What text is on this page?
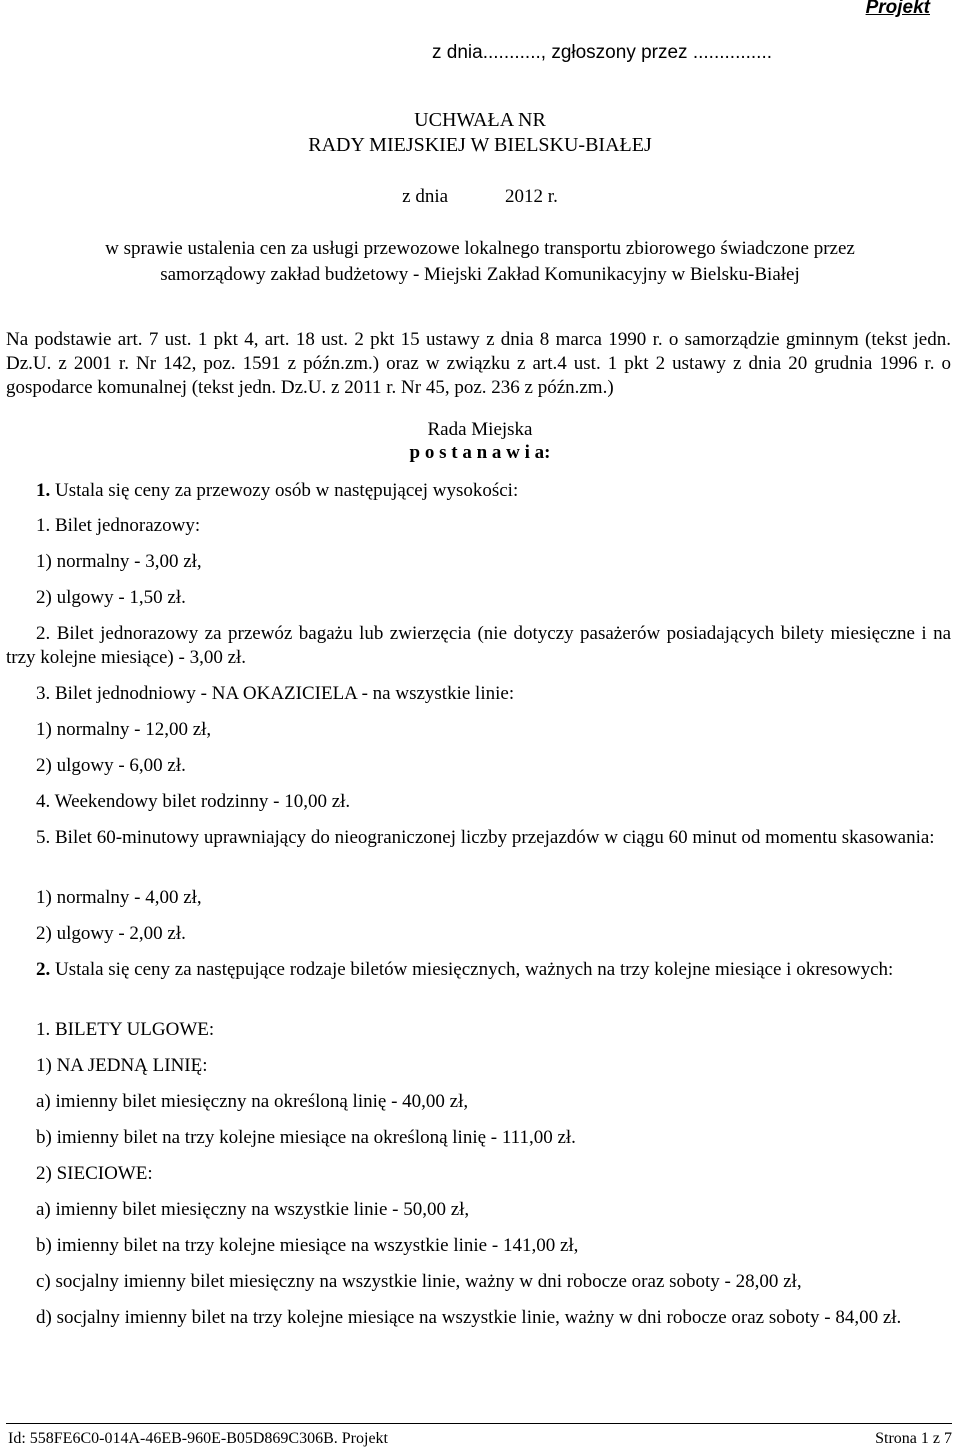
Projekt
z dnia..........., zgłoszony przez ...............
UCHWAŁA NR
RADY MIEJSKIEJ W BIELSKU-BIAŁEJ
z dnia            2012 r.
w sprawie ustalenia cen za usługi przewozowe lokalnego transportu zbiorowego świadczone przez samorządowy zakład budżetowy - Miejski Zakład Komunikacyjny w Bielsku-Białej
Na podstawie art. 7 ust. 1 pkt 4, art. 18 ust. 2 pkt 15 ustawy z dnia 8 marca 1990 r. o samorządzie gminnym (tekst jedn. Dz.U. z 2001 r. Nr 142, poz. 1591 z późn.zm.) oraz w związku z art.4 ust. 1 pkt 2 ustawy z dnia 20 grudnia 1996 r. o gospodarce komunalnej (tekst jedn. Dz.U. z 2011 r. Nr 45, poz. 236 z późn.zm.)
Rada Miejska
p o s t a n a w i a:
1. Ustala się ceny za przewozy osób w następującej wysokości:
1. Bilet jednorazowy:
1) normalny - 3,00 zł,
2) ulgowy - 1,50 zł.
2. Bilet jednorazowy za przewóz bagażu lub zwierzęcia (nie dotyczy pasażerów posiadających bilety miesięczne i na trzy kolejne miesiące) - 3,00 zł.
3. Bilet jednodniowy - NA OKAZICIELA - na wszystkie linie:
1) normalny - 12,00 zł,
2) ulgowy - 6,00 zł.
4. Weekendowy bilet rodzinny - 10,00 zł.
5. Bilet 60-minutowy uprawniający do nieograniczonej liczby przejazdów w ciągu 60 minut od momentu skasowania:
1) normalny - 4,00 zł,
2) ulgowy - 2,00 zł.
2. Ustala się ceny za następujące rodzaje biletów miesięcznych, ważnych na trzy kolejne miesiące i okresowych:
1. BILETY ULGOWE:
1) NA JEDNĄ LINIĘ:
a) imienny bilet miesięczny na określoną linię - 40,00 zł,
b) imienny bilet na trzy kolejne miesiące na określoną linię - 111,00 zł.
2) SIECIOWE:
a) imienny bilet miesięczny na wszystkie linie - 50,00 zł,
b) imienny bilet na trzy kolejne miesiące na wszystkie linie - 141,00 zł,
c) socjalny imienny bilet miesięczny na wszystkie linie, ważny w dni robocze oraz soboty - 28,00 zł,
d) socjalny imienny bilet na trzy kolejne miesiące na wszystkie linie, ważny w dni robocze oraz soboty - 84,00 zł.
Id: 558FE6C0-014A-46EB-960E-B05D869C306B. Projekt	Strona 1 z 7
